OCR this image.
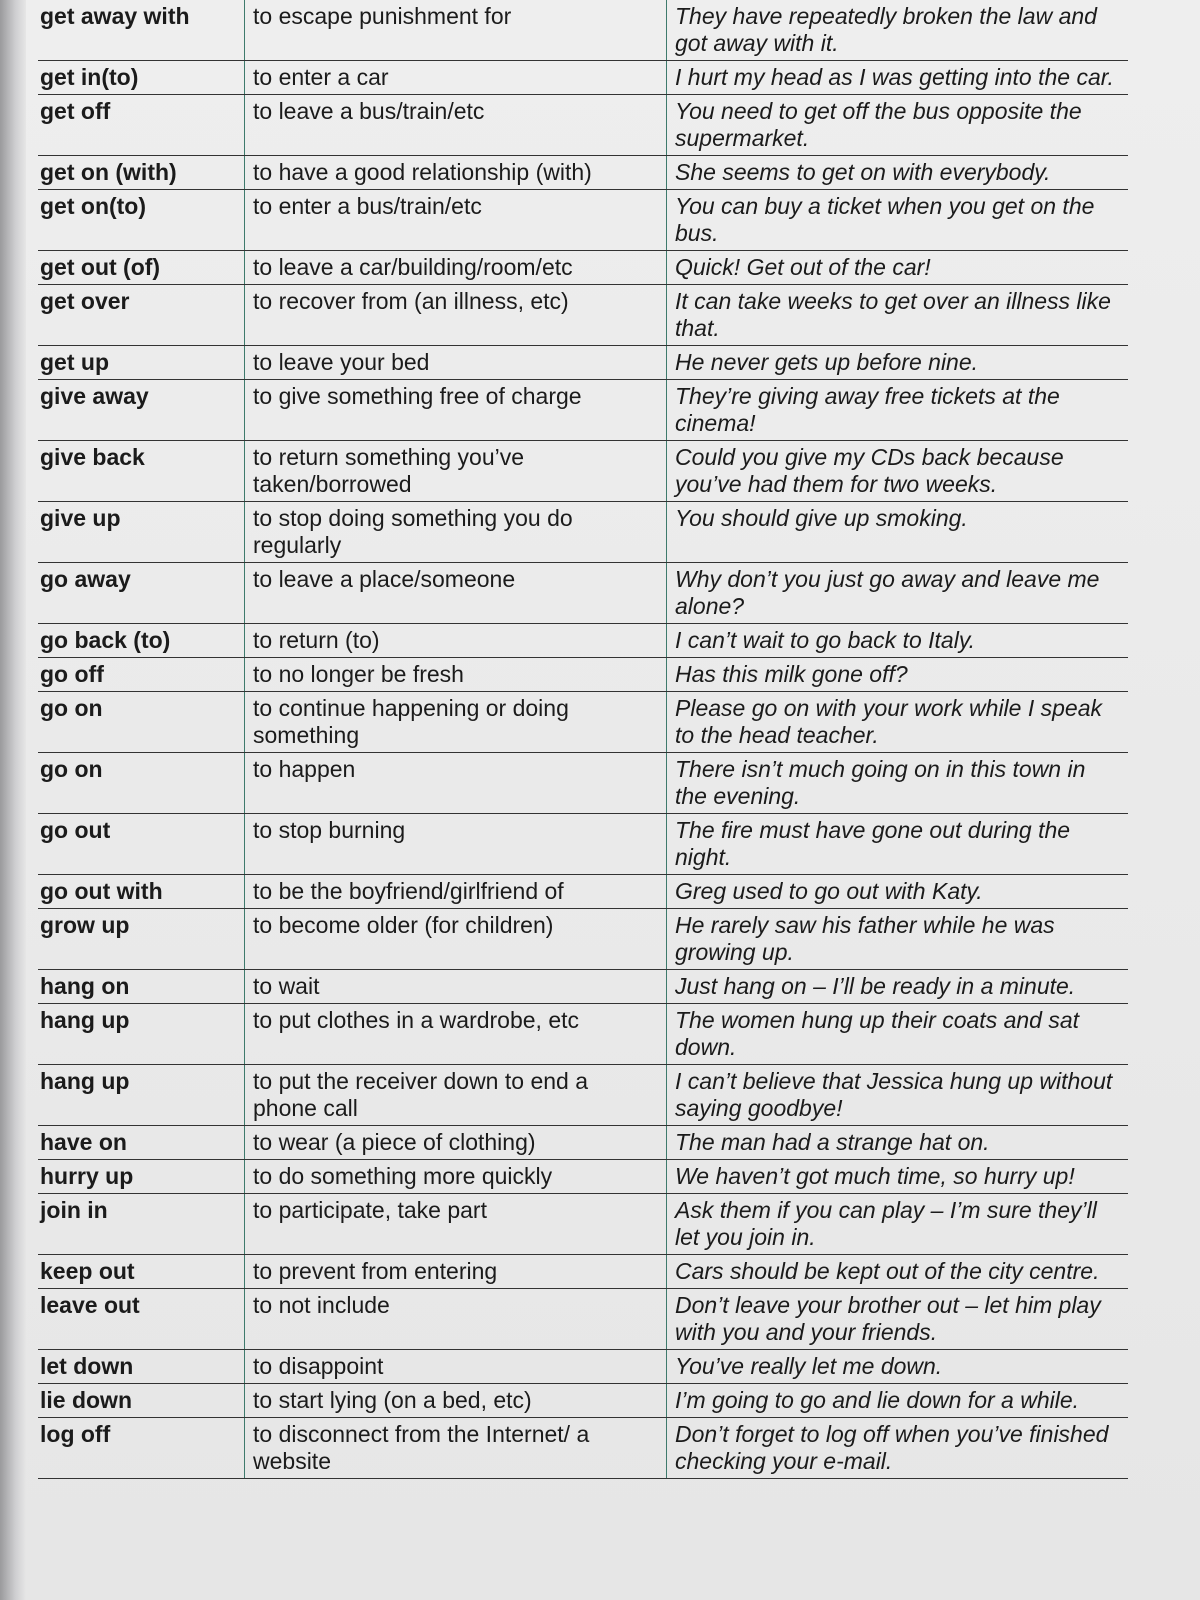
get away with	to escape punishment for	They have repeatedly broken the law and got away with it.
get in(to)	to enter a car	I hurt my head as I was getting into the car.
get off	to leave a bus/train/etc	You need to get off the bus opposite the supermarket.
get on (with)	to have a good relationship (with)	She seems to get on with everybody.
get on(to)	to enter a bus/train/etc	You can buy a ticket when you get on the bus.
get out (of)	to leave a car/building/room/etc	Quick! Get out of the car!
get over	to recover from (an illness, etc)	It can take weeks to get over an illness like that.
get up	to leave your bed	He never gets up before nine.
give away	to give something free of charge	They’re giving away free tickets at the cinema!
give back	to return something you’ve taken/borrowed	Could you give my CDs back because you’ve had them for two weeks.
give up	to stop doing something you do regularly	You should give up smoking.
go away	to leave a place/someone	Why don’t you just go away and leave me alone?
go back (to)	to return (to)	I can’t wait to go back to Italy.
go off	to no longer be fresh	Has this milk gone off?
go on	to continue happening or doing something	Please go on with your work while I speak to the head teacher.
go on	to happen	There isn’t much going on in this town in the evening.
go out	to stop burning	The fire must have gone out during the night.
go out with	to be the boyfriend/girlfriend of	Greg used to go out with Katy.
grow up	to become older (for children)	He rarely saw his father while he was growing up.
hang on	to wait	Just hang on – I’ll be ready in a minute.
hang up	to put clothes in a wardrobe, etc	The women hung up their coats and sat down.
hang up	to put the receiver down to end a phone call	I can’t believe that Jessica hung up without saying goodbye!
have on	to wear (a piece of clothing)	The man had a strange hat on.
hurry up	to do something more quickly	We haven’t got much time, so hurry up!
join in	to participate, take part	Ask them if you can play – I’m sure they’ll let you join in.
keep out	to prevent from entering	Cars should be kept out of the city centre.
leave out	to not include	Don’t leave your brother out – let him play with you and your friends.
let down	to disappoint	You’ve really let me down.
lie down	to start lying (on a bed, etc)	I’m going to go and lie down for a while.
log off	to disconnect from the Internet/ a website	Don’t forget to log off when you’ve finished checking your e-mail.
